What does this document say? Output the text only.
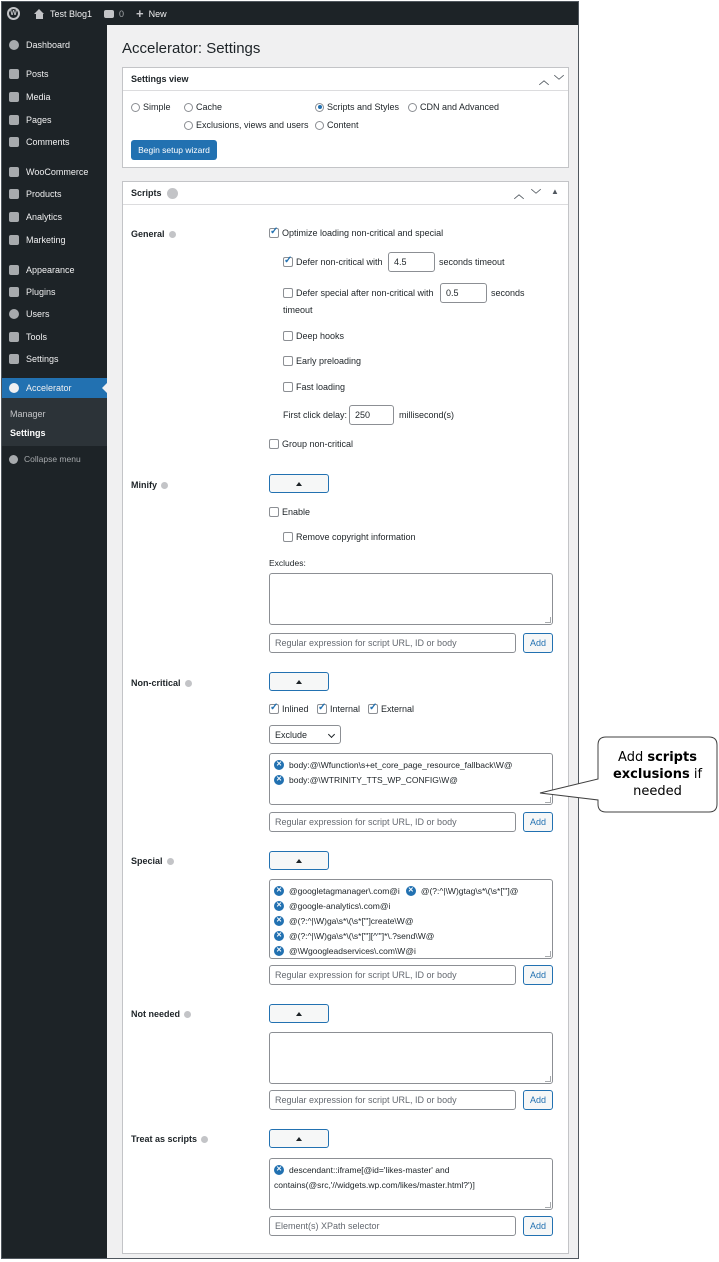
W	Test Blog1	0 + New
Dashboard
Posts
Media
Pages
Comments
WooCommerce
Products
Analytics
Marketing
Appearance
Plugins
Users
Tools
Settings
Accelerator
Manager
Settings
Collapse menu
Accelerator: Settings
Settings view	︿ ﹀
Simple	Cache	Scripts and Styles CDN and Advanced
Exclusions, views and users Content
Begin setup wizard
Scripts	︿ ﹀ ▲
General ✓	Optimize loading non-critical and special
✓
Defer non-critical with	4.5	seconds timeout
Defer special after non-critical with	0.5	seconds
timeout
Deep hooks
Early preloading
Fast loading
First click delay: 250	millisecond(s)
Group non-critical
Minify
Enable
Remove copyright information
Excludes:
Regular expression for script URL, ID or body	Add
Non-critical
✓
Inlined ✓ Internal ✓ External
Exclude
✕ body:@\Wfunction\s+et_core_page_resource_fallback\W@
✕ body:@\WTRINITY_TTS_WP_CONFIG\W@
Regular expression for script URL, ID or body	Add
Special
✕ @googletagmanager\.com@i ✕ @(?:^|\W)gtag\s*\(\s*["']@
✕ @google-analytics\.com@i
✕ @(?:^|\W)ga\s*\(\s*["']create\W@
✕ @(?:^|\W)ga\s*\(\s*["'][^"']*\.?send\W@
✕ @\Wgoogleadservices\.com\W@i
Regular expression for script URL, ID or body	Add
Not needed
Regular expression for script URL, ID or body	Add
Treat as scripts
✕ descendant::iframe[@id='likes-master' and
contains(@src,'//widgets.wp.com/likes/master.html?')]
Element(s) XPath selector	Add
Add scripts exclusions if needed
